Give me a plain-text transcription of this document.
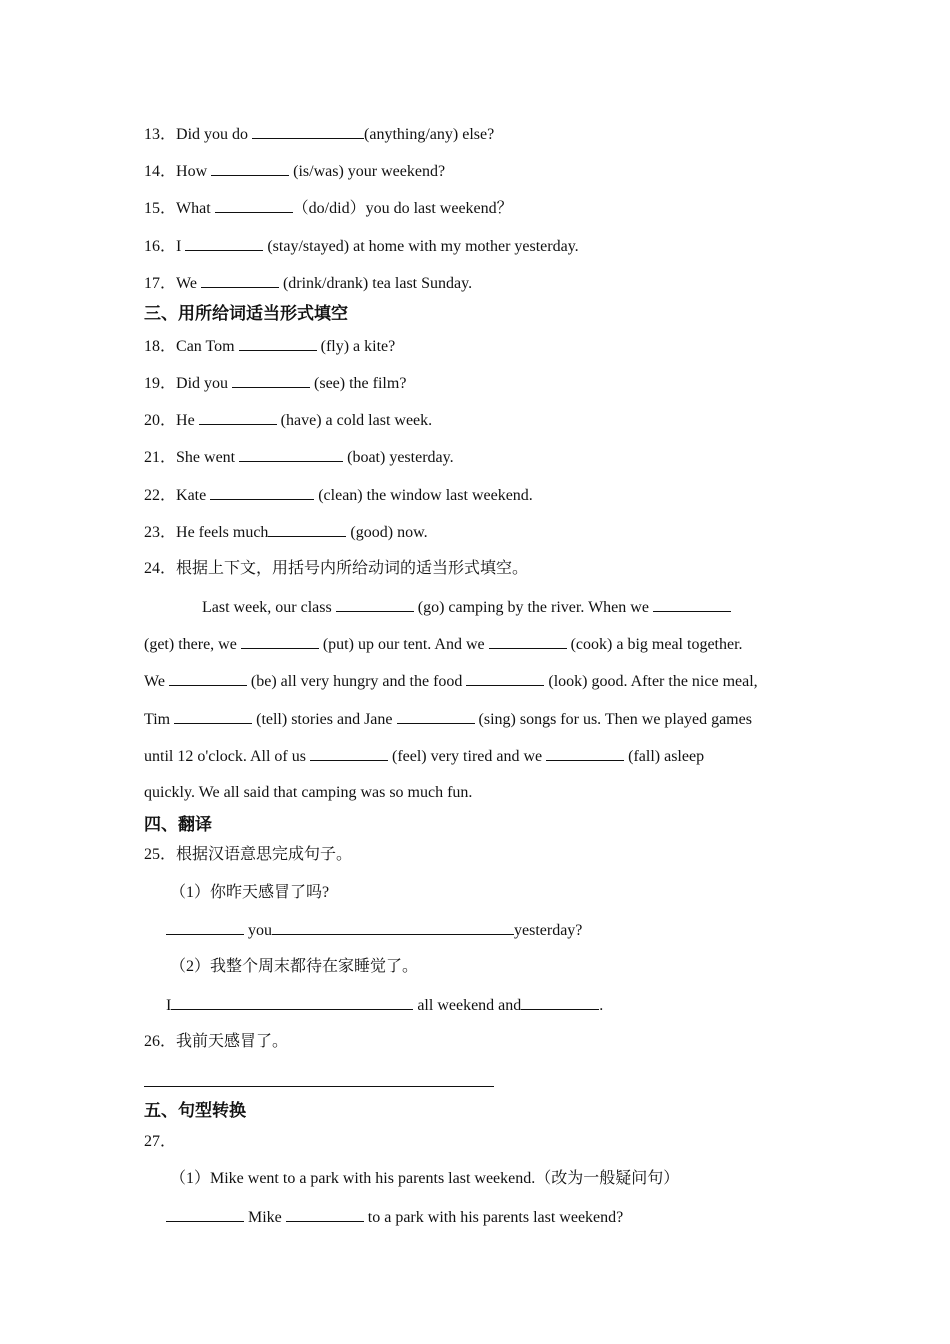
13．Did you do	(anything/any) else?
14．How	(is/was) your weekend?
15．What	（do/did）you do last weekend？
16．I	(stay/stayed) at home with my mother yesterday.
17．We	(drink/drank) tea last Sunday.
三、用所给词适当形式填空
18．Can Tom	(fly) a kite?
19．Did you	(see) the film?
20．He	(have) a cold last week.
21．She went	(boat) yesterday.
22．Kate	(clean) the window last weekend.
23．He feels much	(good) now.
24．根据上下文，用括号内所给动词的适当形式填空。
Last week, our class	(go) camping by the river. When we
(get) there, we	(put) up our tent. And we	(cook) a big meal together.
We	(be) all very hungry and the food	(look) good. After the nice meal,
Tim	(tell) stories and Jane	(sing) songs for us. Then we played games
until 12 o'clock. All of us	(feel) very tired and we	(fall) asleep
quickly. We all said that camping was so much fun.
四、翻译
25．根据汉语意思完成句子。
（1）你昨天感冒了吗?
you	yesterday?
（2）我整个周末都待在家睡觉了。
I	all weekend and	.
26．我前天感冒了。
五、句型转换
27．
（1）Mike went to a park with his parents last weekend.（改为一般疑问句）
Mike	to a park with his parents last weekend?
